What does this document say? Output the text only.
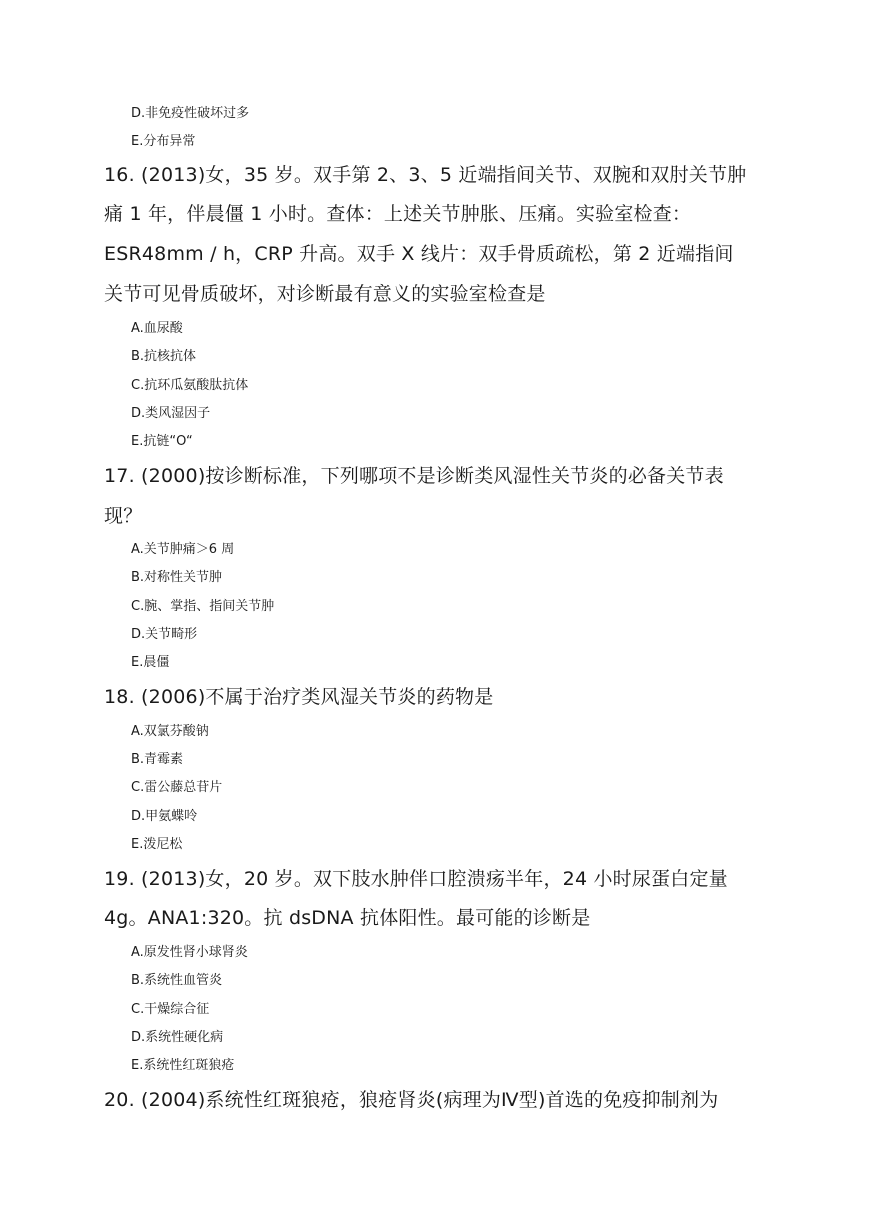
D.非免疫性破坏过多
E.分布异常
16. (2013)女，35 岁。双手第 2、3、5 近端指间关节、双腕和双肘关节肿
痛 1 年，伴晨僵 1 小时。查体：上述关节肿胀、压痛。实验室检查：
ESR48mm / h，CRP 升高。双手 X 线片：双手骨质疏松，第 2 近端指间
关节可见骨质破坏，对诊断最有意义的实验室检查是
A.血尿酸
B.抗核抗体
C.抗环瓜氨酸肽抗体
D.类风湿因子
E.抗链“O“
17. (2000)按诊断标准，下列哪项不是诊断类风湿性关节炎的必备关节表
现？
A.关节肿痛＞6 周
B.对称性关节肿
C.腕、掌指、指间关节肿
D.关节畸形
E.晨僵
18. (2006)不属于治疗类风湿关节炎的药物是
A.双氯芬酸钠
B.青霉素
C.雷公藤总苷片
D.甲氨蝶呤
E.泼尼松
19. (2013)女，20 岁。双下肢水肿伴口腔溃疡半年，24 小时尿蛋白定量
4g。ANA1:320。抗 dsDNA 抗体阳性。最可能的诊断是
A.原发性肾小球肾炎
B.系统性血管炎
C.干燥综合征
D.系统性硬化病
E.系统性红斑狼疮
20. (2004)系统性红斑狼疮，狼疮肾炎(病理为Ⅳ型)首选的免疫抑制剂为
